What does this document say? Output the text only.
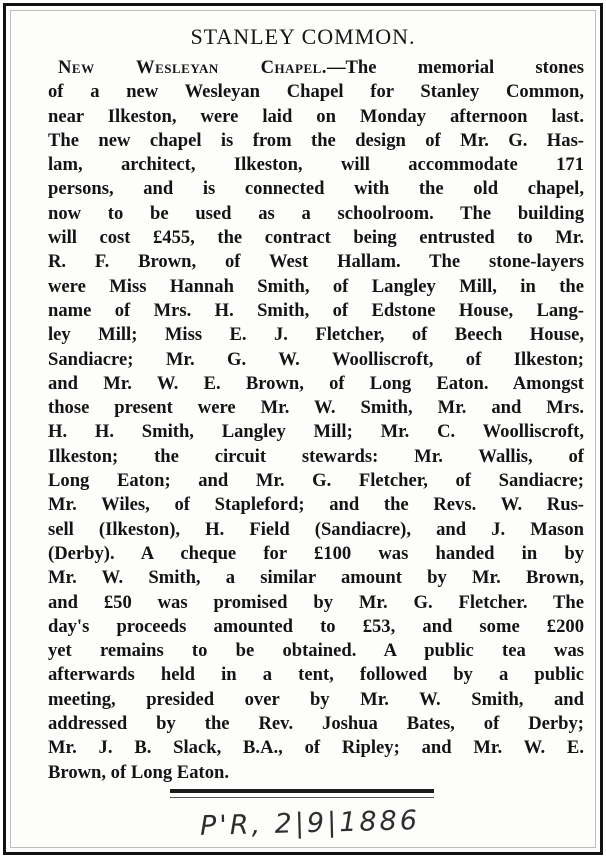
STANLEY COMMON.
New Wesleyan Chapel.—The memorial stones
of a new Wesleyan Chapel for Stanley Common,
near Ilkeston, were laid on Monday afternoon last.
The new chapel is from the design of Mr. G. Has-
lam, architect, Ilkeston, will accommodate 171
persons, and is connected with the old chapel,
now to be used as a schoolroom. The building
will cost £455, the contract being entrusted to Mr.
R. F. Brown, of West Hallam. The stone-layers
were Miss Hannah Smith, of Langley Mill, in the
name of Mrs. H. Smith, of Edstone House, Lang-
ley Mill; Miss E. J. Fletcher, of Beech House,
Sandiacre; Mr. G. W. Woolliscroft, of Ilkeston;
and Mr. W. E. Brown, of Long Eaton. Amongst
those present were Mr. W. Smith, Mr. and Mrs.
H. H. Smith, Langley Mill; Mr. C. Woolliscroft,
Ilkeston; the circuit stewards: Mr. Wallis, of
Long Eaton; and Mr. G. Fletcher, of Sandiacre;
Mr. Wiles, of Stapleford; and the Revs. W. Rus-
sell (Ilkeston), H. Field (Sandiacre), and J. Mason
(Derby). A cheque for £100 was handed in by
Mr. W. Smith, a similar amount by Mr. Brown,
and £50 was promised by Mr. G. Fletcher. The
day's proceeds amounted to £53, and some £200
yet remains to be obtained. A public tea was
afterwards held in a tent, followed by a public
meeting, presided over by Mr. W. Smith, and
addressed by the Rev. Joshua Bates, of Derby;
Mr. J. B. Slack, B.A., of Ripley; and Mr. W. E.
Brown, of Long Eaton.
P'R, 2|9|1886
